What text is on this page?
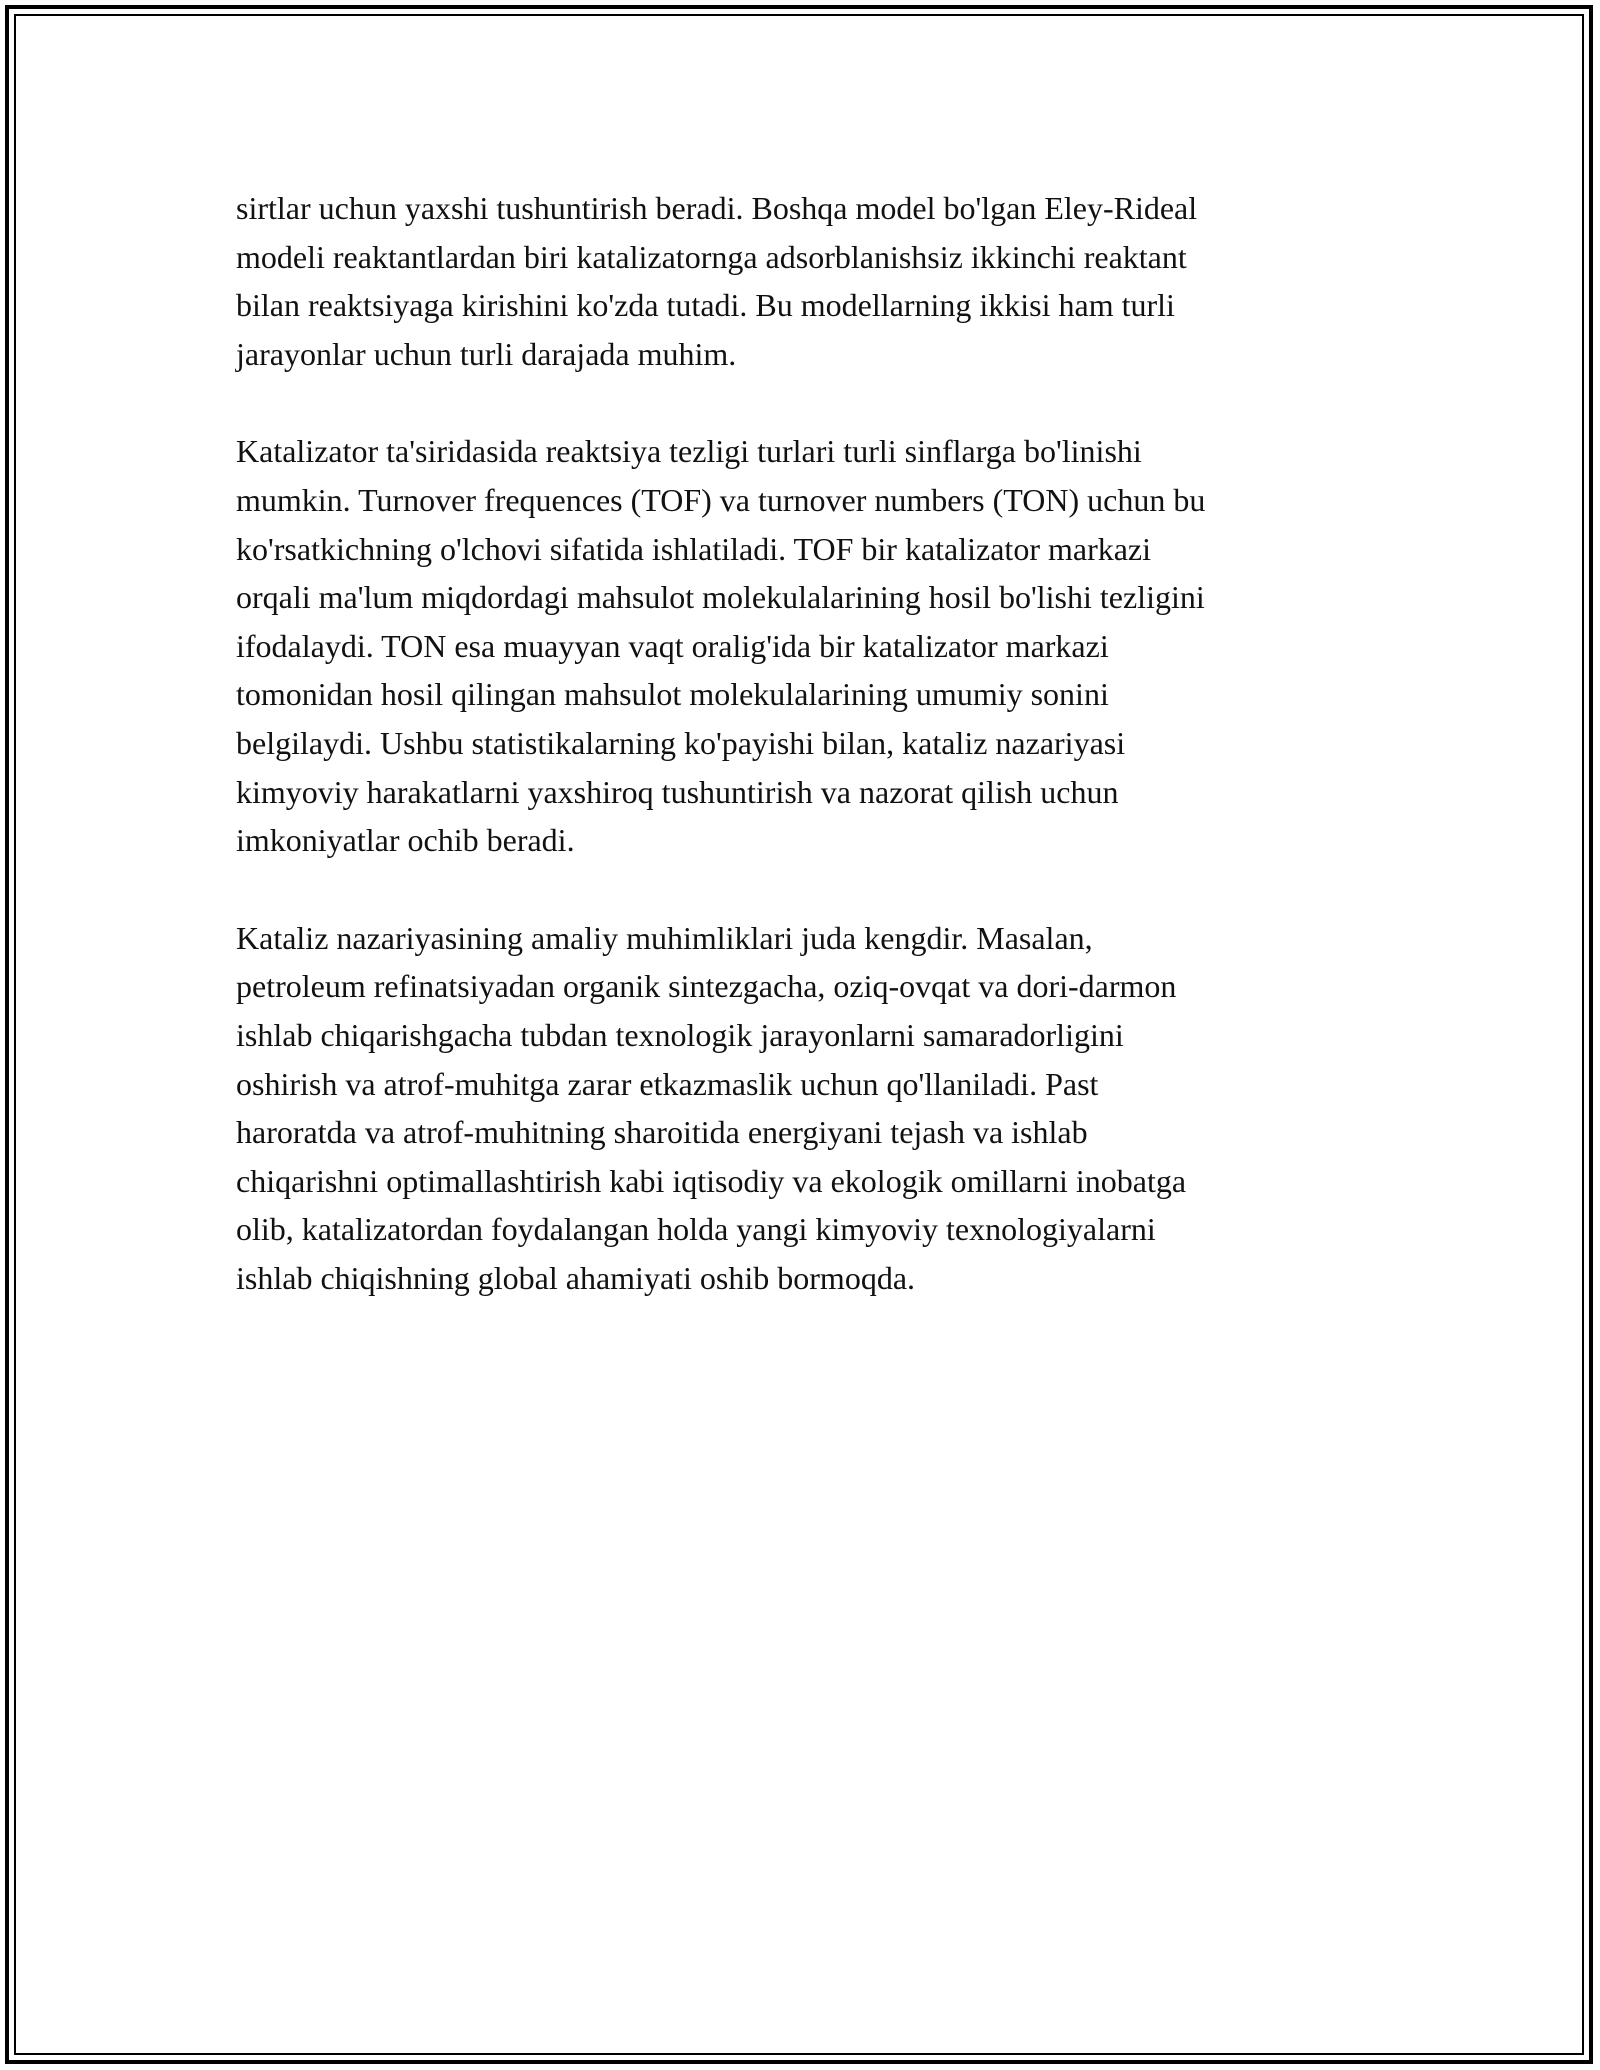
sirtlar uchun yaxshi tushuntirish beradi. Boshqa model bo'lgan Eley-Rideal
modeli reaktantlardan biri katalizatornga adsorblanishsiz ikkinchi reaktant
bilan reaktsiyaga kirishini ko'zda tutadi. Bu modellarning ikkisi ham turli
jarayonlar uchun turli darajada muhim.

Katalizator ta'siridasida reaktsiya tezligi turlari turli sinflarga bo'linishi
mumkin. Turnover frequences (TOF) va turnover numbers (TON) uchun bu
ko'rsatkichning o'lchovi sifatida ishlatiladi. TOF bir katalizator markazi
orqali ma'lum miqdordagi mahsulot molekulalarining hosil bo'lishi tezligini
ifodalaydi. TON esa muayyan vaqt oralig'ida bir katalizator markazi
tomonidan hosil qilingan mahsulot molekulalarining umumiy sonini
belgilaydi. Ushbu statistikalarning ko'payishi bilan, kataliz nazariyasi
kimyoviy harakatlarni yaxshiroq tushuntirish va nazorat qilish uchun
imkoniyatlar ochib beradi.

Kataliz nazariyasining amaliy muhimliklari juda kengdir. Masalan,
petroleum refinatsiyadan organik sintezgacha, oziq-ovqat va dori-darmon
ishlab chiqarishgacha tubdan texnologik jarayonlarni samaradorligini
oshirish va atrof-muhitga zarar etkazmaslik uchun qo'llaniladi. Past
haroratda va atrof-muhitning sharoitida energiyani tejash va ishlab
chiqarishni optimallashtirish kabi iqtisodiy va ekologik omillarni inobatga
olib, katalizatordan foydalangan holda yangi kimyoviy texnologiyalarni
ishlab chiqishning global ahamiyati oshib bormoqda.
